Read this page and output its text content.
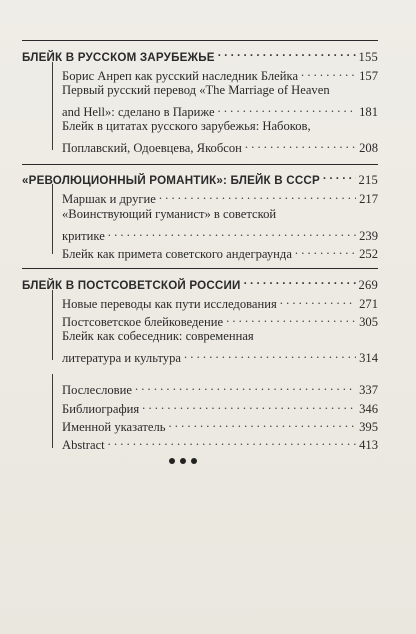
БЛЕЙК В РУССКОМ ЗАРУБЕЖЬЕ . . .	155
Борис Анреп как русский наследник Блейка . . .	157
Первый русский перевод «The Marriage of Heaven
and Hell»: сделано в Париже . . .	181
Блейк в цитатах русского зарубежья: Набоков,
Поплавский, Одоевцева, Якобсон . . .	208
«РЕВОЛЮЦИОННЫЙ РОМАНТИК»: БЛЕЙК В СССР . . .	215
Маршак и другие . . .	217
«Воинствующий гуманист» в советской
критике . . .	239
Блейк как примета советского андеграунда . . .	252
БЛЕЙК В ПОСТСОВЕТСКОЙ РОССИИ . . .	269
Новые переводы как пути исследования . . .	271
Постсоветское блейковедение . . .	305
Блейк как собеседник: современная
литература и культура . . .	314
Послесловие . . .	337
Библиография . . .	346
Именной указатель . . .	395
Abstract . . .	413
